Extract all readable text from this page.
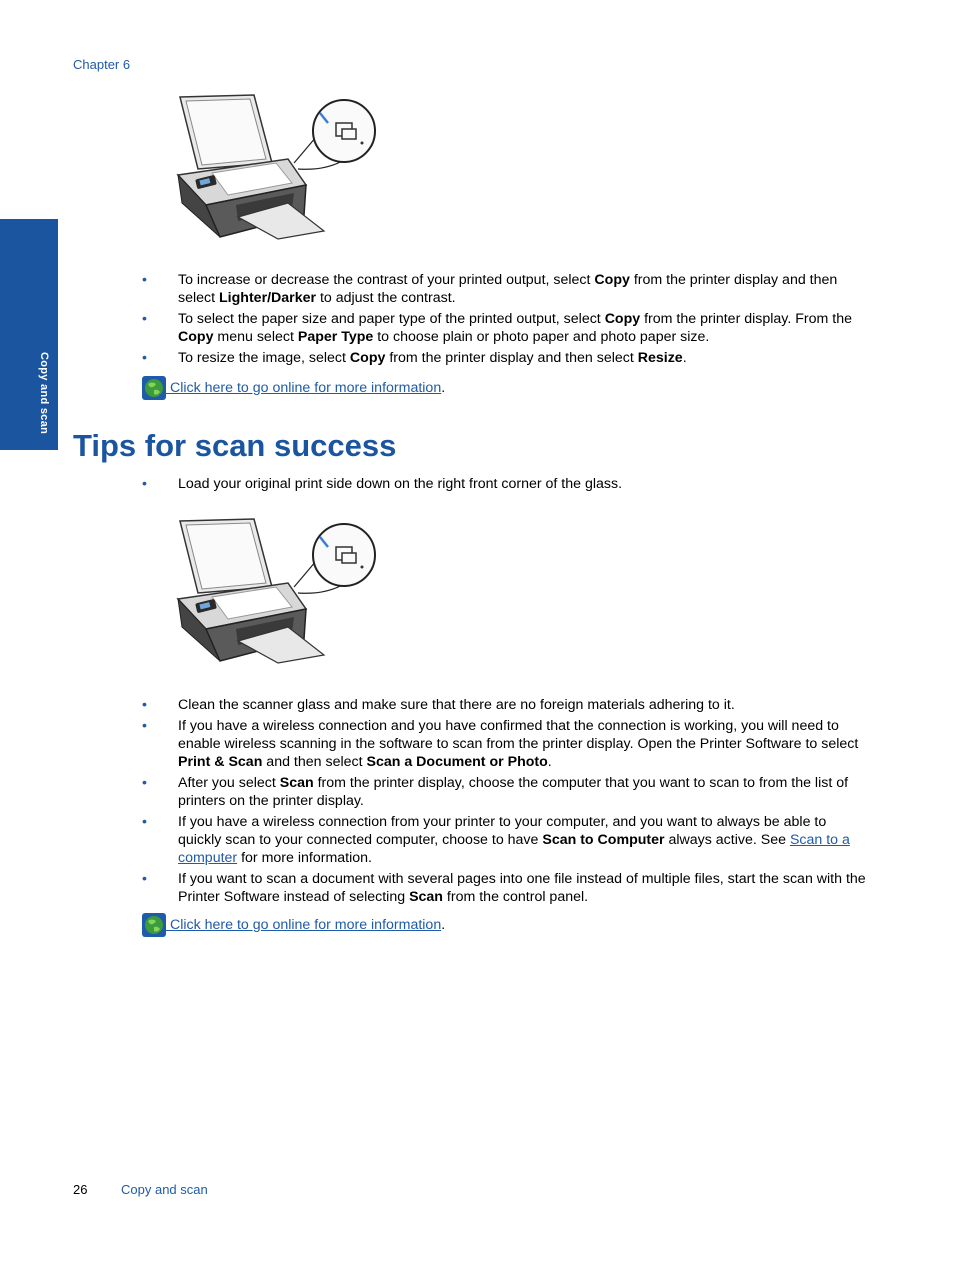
Chapter 6
Copy and scan
• To increase or decrease the contrast of your printed output, select Copy from the printer display and then select Lighter/Darker to adjust the contrast.
• To select the paper size and paper type of the printed output, select Copy from the printer display. From the Copy menu select Paper Type to choose plain or photo paper and photo paper size.
• To resize the image, select Copy from the printer display and then select Resize.
Click here to go online for more information.
Tips for scan success
• Load your original print side down on the right front corner of the glass.
• Clean the scanner glass and make sure that there are no foreign materials adhering to it.
• If you have a wireless connection and you have confirmed that the connection is working, you will need to enable wireless scanning in the software to scan from the printer display. Open the Printer Software to select Print & Scan and then select Scan a Document or Photo.
• After you select Scan from the printer display, choose the computer that you want to scan to from the list of printers on the printer display.
• If you have a wireless connection from your printer to your computer, and you want to always be able to quickly scan to your connected computer, choose to have Scan to Computer always active. See Scan to a computer for more information.
• If you want to scan a document with several pages into one file instead of multiple files, start the scan with the Printer Software instead of selecting Scan from the control panel.
Click here to go online for more information.
26	Copy and scan
